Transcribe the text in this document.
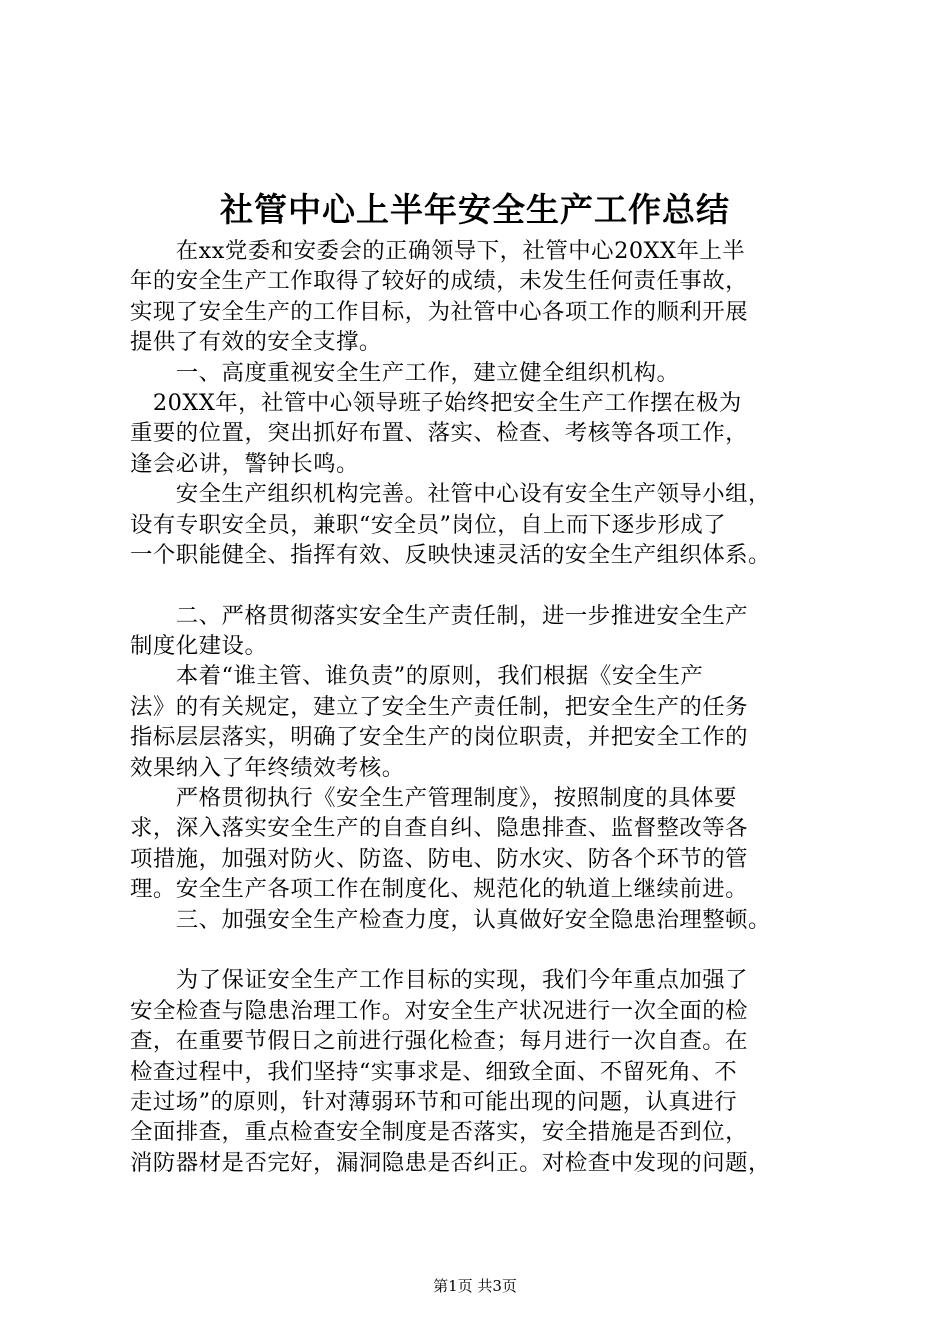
社管中心上半年安全生产工作总结
　　在xx党委和安委会的正确领导下，社管中心20XX年上半
年的安全生产工作取得了较好的成绩，未发生任何责任事故，
实现了安全生产的工作目标，为社管中心各项工作的顺利开展
提供了有效的安全支撑。
　　一、高度重视安全生产工作，建立健全组织机构。
　20XX年，社管中心领导班子始终把安全生产工作摆在极为
重要的位置，突出抓好布置、落实、检查、考核等各项工作，
逢会必讲，警钟长鸣。
　　安全生产组织机构完善。社管中心设有安全生产领导小组，
设有专职安全员，兼职“安全员”岗位，自上而下逐步形成了
一个职能健全、指挥有效、反映快速灵活的安全生产组织体系。
　　二、严格贯彻落实安全生产责任制，进一步推进安全生产
制度化建设。
　　本着“谁主管、谁负责”的原则，我们根据《安全生产
法》的有关规定，建立了安全生产责任制，把安全生产的任务
指标层层落实，明确了安全生产的岗位职责，并把安全工作的
效果纳入了年终绩效考核。
　　严格贯彻执行《安全生产管理制度》，按照制度的具体要
求，深入落实安全生产的自查自纠、隐患排查、监督整改等各
项措施，加强对防火、防盗、防电、防水灾、防各个环节的管
理。安全生产各项工作在制度化、规范化的轨道上继续前进。
　　三、加强安全生产检查力度，认真做好安全隐患治理整顿。
　　为了保证安全生产工作目标的实现，我们今年重点加强了
安全检查与隐患治理工作。对安全生产状况进行一次全面的检
查，在重要节假日之前进行强化检查；每月进行一次自查。在
检查过程中，我们坚持“实事求是、细致全面、不留死角、不
走过场”的原则，针对薄弱环节和可能出现的问题，认真进行
全面排查，重点检查安全制度是否落实，安全措施是否到位，
消防器材是否完好，漏洞隐患是否纠正。对检查中发现的问题，
第1页 共3页
